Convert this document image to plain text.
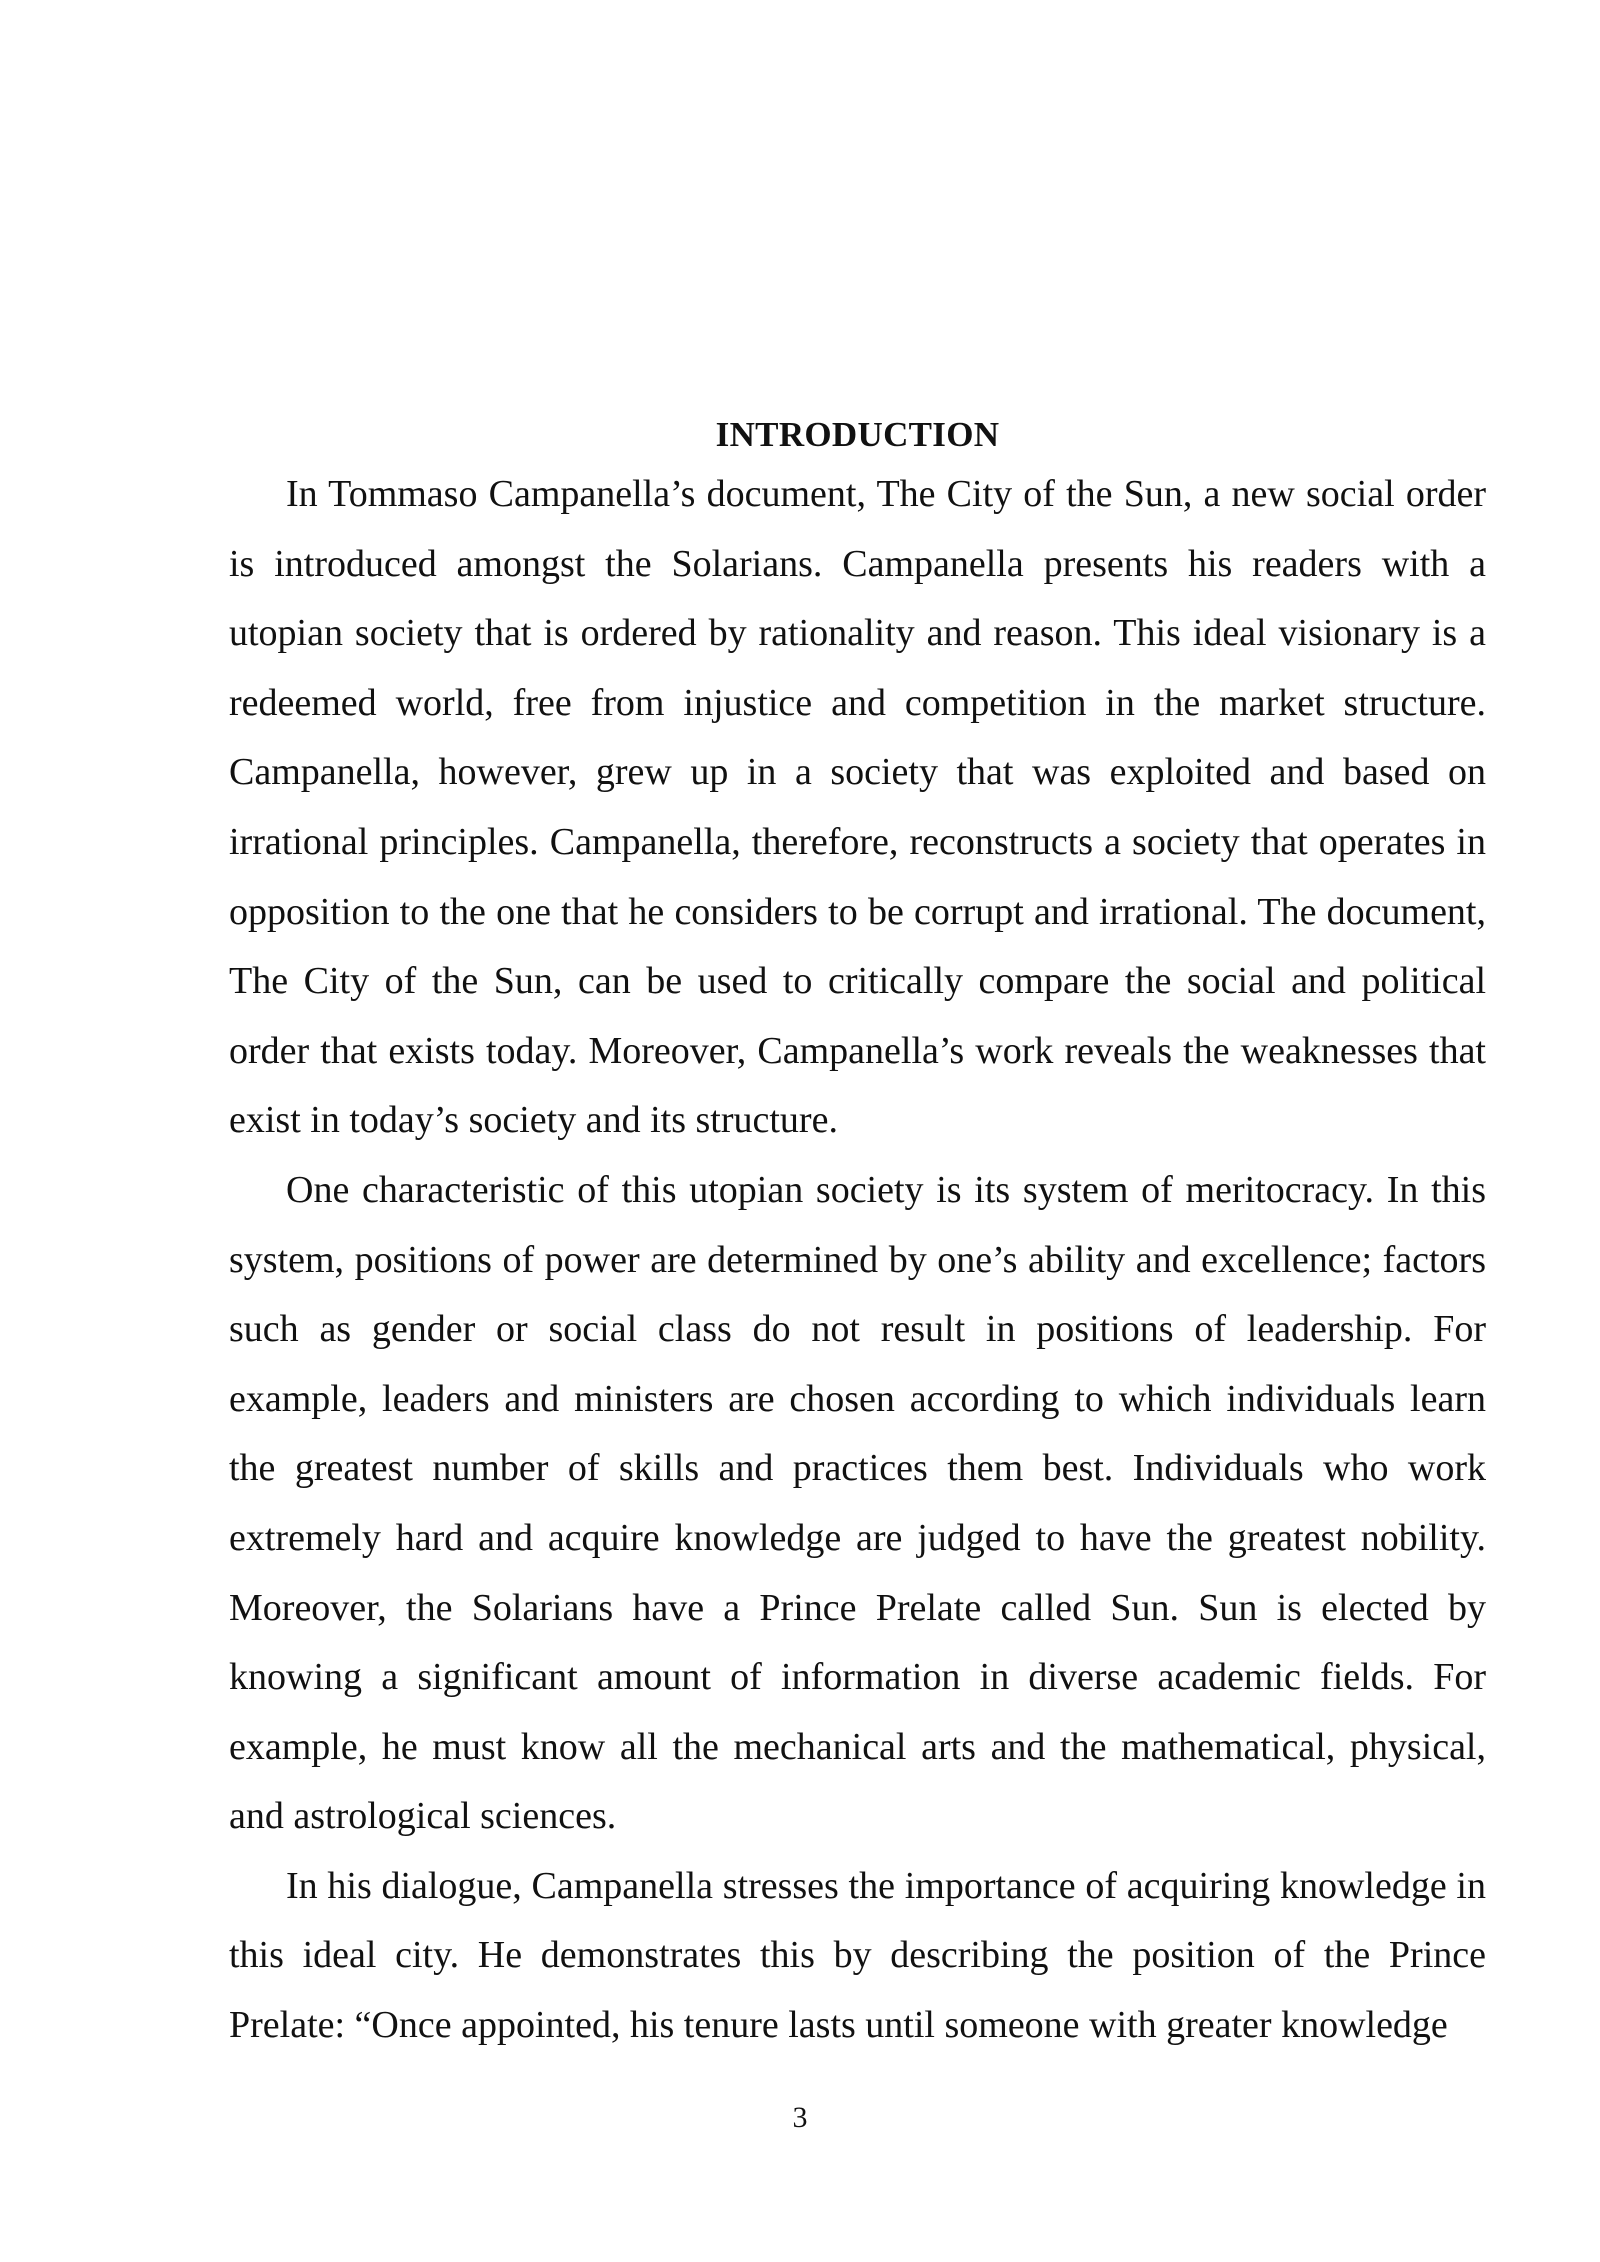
INTRODUCTION

In Tommaso Campanella’s document, The City of the Sun, a new social order is introduced amongst the Solarians. Campanella presents his readers with a utopian society that is ordered by rationality and reason. This ideal visionary is a redeemed world, free from injustice and competition in the market structure. Campanella, however, grew up in a society that was exploited and based on irrational principles. Campanella, therefore, reconstructs a society that operates in opposition to the one that he considers to be corrupt and irrational. The document, The City of the Sun, can be used to critically compare the social and political order that exists today. Moreover, Campanella’s work reveals the weaknesses that exist in today’s society and its structure.

One characteristic of this utopian society is its system of meritocracy. In this system, positions of power are determined by one’s ability and excellence; factors such as gender or social class do not result in positions of leadership. For example, leaders and ministers are chosen according to which individuals learn the greatest number of skills and practices them best. Individuals who work extremely hard and acquire knowledge are judged to have the greatest nobility. Moreover, the Solarians have a Prince Prelate called Sun. Sun is elected by knowing a significant amount of information in diverse academic fields. For example, he must know all the mechanical arts and the mathematical, physical, and astrological sciences.

In his dialogue, Campanella stresses the importance of acquiring knowledge in this ideal city. He demonstrates this by describing the position of the Prince Prelate: “Once appointed, his tenure lasts until someone with greater knowledge

3
